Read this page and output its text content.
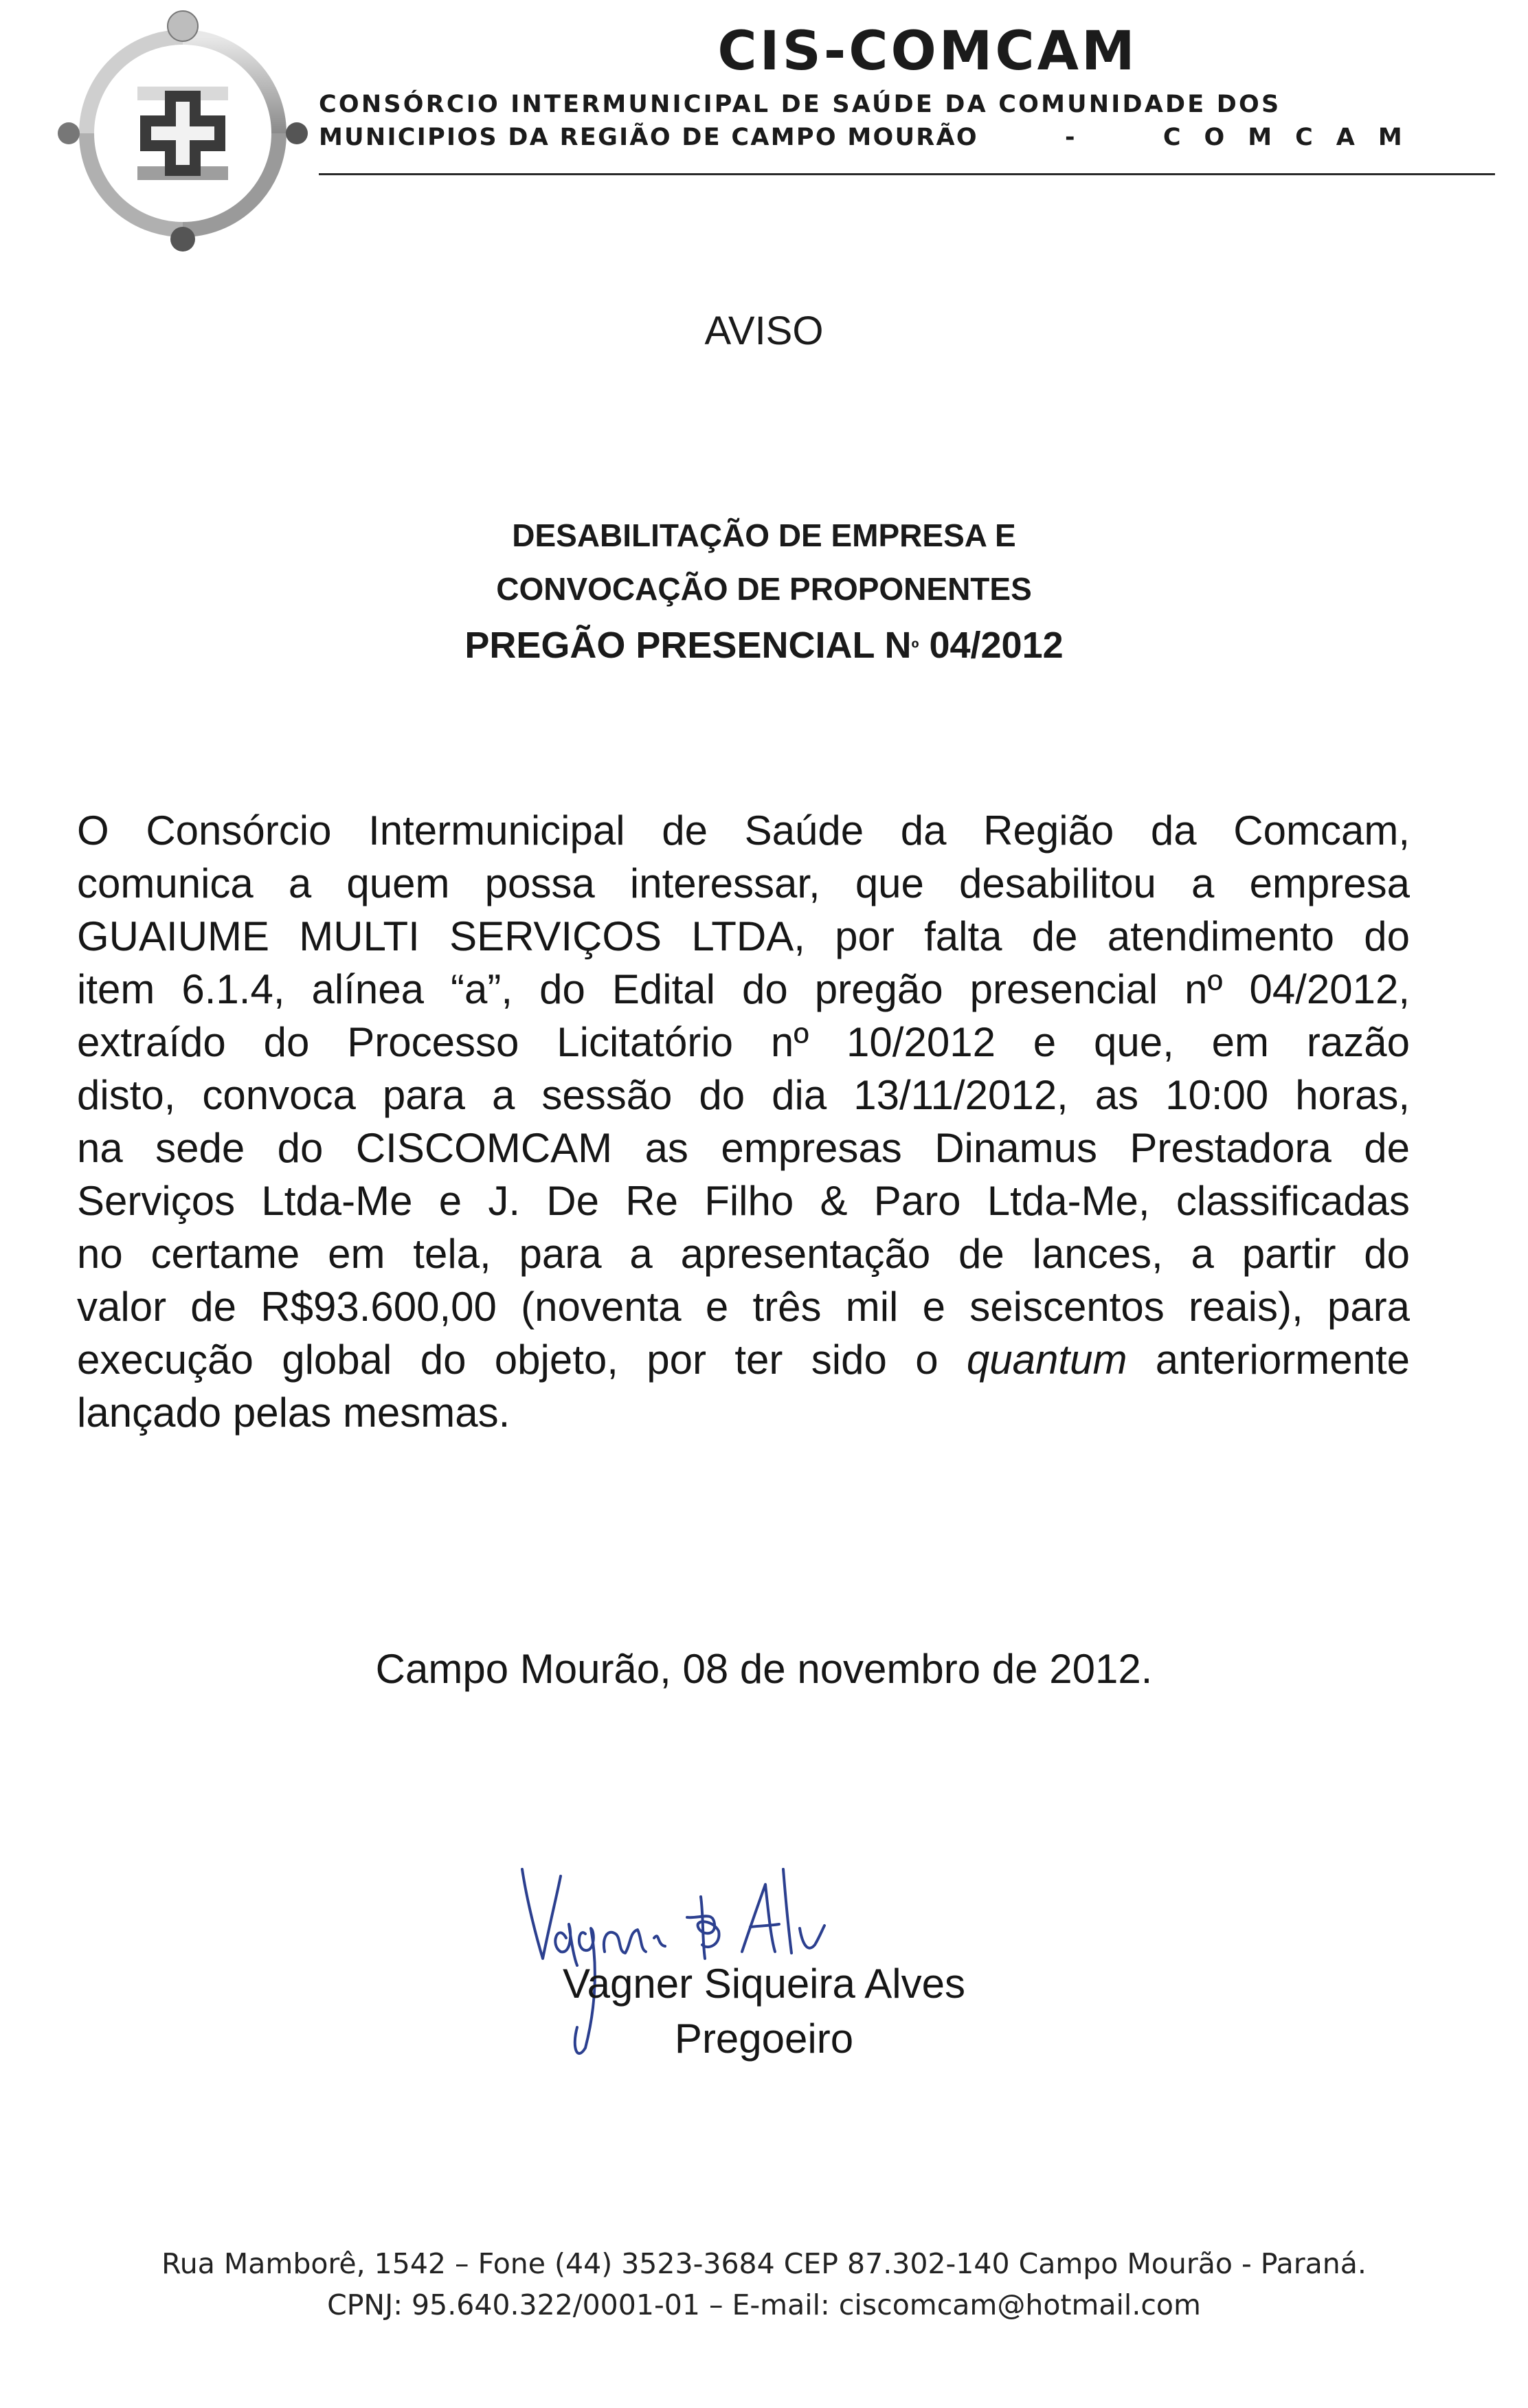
CIS-COMCAM
CONSÓRCIO INTERMUNICIPAL DE SAÚDE DA COMUNIDADE DOS
MUNICIPIOS DA REGIÃO DE CAMPO MOURÃO	-	COMCAM
AVISO
DESABILITAÇÃO DE EMPRESA E
CONVOCAÇÃO DE PROPONENTES
PREGÃO PRESENCIAL Nº 04/2012
O Consórcio Intermunicipal de Saúde da Região da Comcam,
comunica a quem possa interessar, que desabilitou a empresa
GUAIUME MULTI SERVIÇOS LTDA, por falta de atendimento do
item 6.1.4, alínea “a”, do Edital do pregão presencial nº 04/2012,
extraído do Processo Licitatório nº 10/2012 e que, em razão
disto, convoca para a sessão do dia 13/11/2012, as 10:00 horas,
na sede do CISCOMCAM as empresas Dinamus Prestadora de
Serviços Ltda-Me e J. De Re Filho & Paro Ltda-Me, classificadas
no certame em tela, para a apresentação de lances, a partir do
valor de R$93.600,00 (noventa e três mil e seiscentos reais), para
execução global do objeto, por ter sido o quantum anteriormente
lançado pelas mesmas.
Campo Mourão, 08 de novembro de 2012.
Vagner Siqueira Alves
Pregoeiro
Rua Mamborê, 1542 – Fone (44) 3523-3684 CEP 87.302-140 Campo Mourão - Paraná.
CPNJ: 95.640.322/0001-01 – E-mail: ciscomcam@hotmail.com
